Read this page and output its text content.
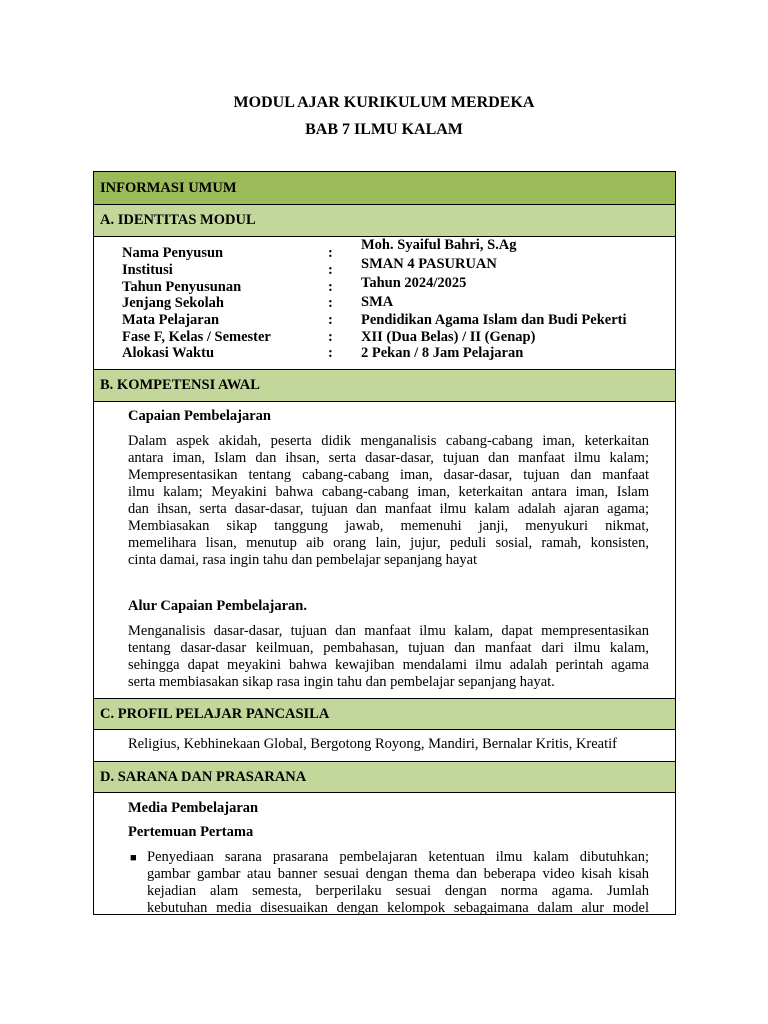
MODUL AJAR KURIKULUM MERDEKA
BAB 7 ILMU KALAM
INFORMASI UMUM
A. IDENTITAS MODUL
Nama Penyusun	: Moh. Syaiful Bahri, S.Ag
Institusi	: SMAN 4 PASURUAN
Tahun Penyusunan	: Tahun 2024/2025
Jenjang Sekolah	: SMA
Mata Pelajaran	: Pendidikan Agama Islam dan Budi Pekerti
Fase F, Kelas / Semester	: XII (Dua Belas) / II (Genap)
Alokasi Waktu	: 2 Pekan / 8 Jam Pelajaran
B. KOMPETENSI AWAL
Capaian Pembelajaran
Dalam aspek akidah, peserta didik menganalisis cabang-cabang iman, keterkaitan
antara iman, Islam dan ihsan, serta dasar-dasar, tujuan dan manfaat ilmu kalam;
Mempresentasikan tentang cabang-cabang iman, dasar-dasar, tujuan dan manfaat
ilmu kalam; Meyakini bahwa cabang-cabang iman, keterkaitan antara iman, Islam
dan ihsan, serta dasar-dasar, tujuan dan manfaat ilmu kalam adalah ajaran agama;
Membiasakan sikap tanggung jawab, memenuhi janji, menyukuri nikmat,
memelihara lisan, menutup aib orang lain, jujur, peduli sosial, ramah, konsisten,
cinta damai, rasa ingin tahu dan pembelajar sepanjang hayat
Alur Capaian Pembelajaran.
Menganalisis dasar-dasar, tujuan dan manfaat ilmu kalam, dapat mempresentasikan
tentang dasar-dasar keilmuan, pembahasan, tujuan dan manfaat dari ilmu kalam,
sehingga dapat meyakini bahwa kewajiban mendalami ilmu adalah perintah agama
serta membiasakan sikap rasa ingin tahu dan pembelajar sepanjang hayat.
C. PROFIL PELAJAR PANCASILA
Religius, Kebhinekaan Global, Bergotong Royong, Mandiri, Bernalar Kritis, Kreatif
D. SARANA DAN PRASARANA
Media Pembelajaran
Pertemuan Pertama
■ Penyediaan sarana prasarana pembelajaran ketentuan ilmu kalam dibutuhkan;
gambar gambar atau banner sesuai dengan thema dan beberapa video kisah kisah
kejadian alam semesta, berperilaku sesuai dengan norma agama. Jumlah
kebutuhan media disesuaikan dengan kelompok sebagaimana dalam alur model
